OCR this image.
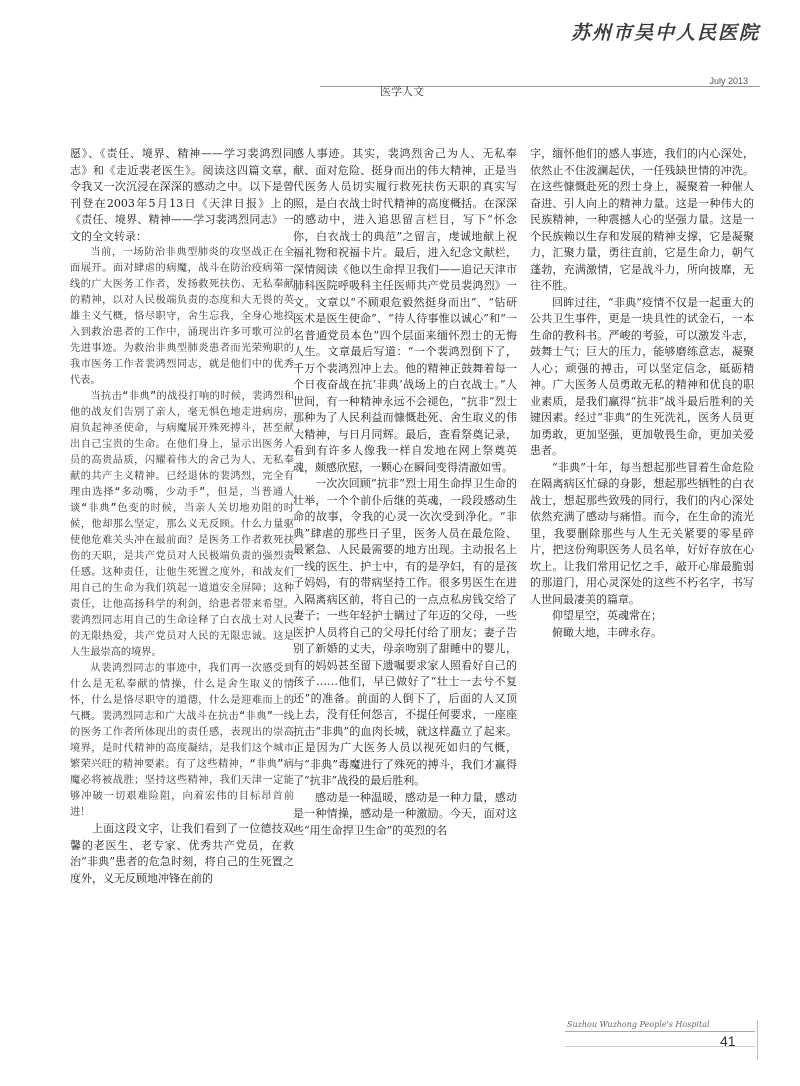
苏州市吴中人民医院
July 2013
医学人文

愿》、《责任、境界、精神——学习裴鸿烈同志》和《走近裴老医生》。阅读这四篇文章，令我又一次沉浸在深深的感动之中。以下是曾刊登在2003年5月13日《天津日报》上的《责任、境界、精神——学习裴鸿烈同志》一文的全文转录：

当前，一场防治非典型肺炎的攻坚战正在全面展开。面对肆虐的病魔，战斗在防治疫病第一线的广大医务工作者，发扬救死扶伤、无私奉献的精神，以对人民极端负责的态度和大无畏的英雄主义气概，恪尽职守，舍生忘我，全身心地投入到救治患者的工作中，涌现出许多可歌可泣的先进事迹。为救治非典型肺炎患者而光荣殉职的我市医务工作者裴鸿烈同志，就是他们中的优秀代表。

当抗击“非典”的战役打响的时候，裴鸿烈和他的战友们告别了亲人，毫无惧色地走进病房，肩负起神圣使命，与病魔展开殊死搏斗，甚至献出自己宝贵的生命。在他们身上，显示出医务人员的高贵品质，闪耀着伟大的舍己为人、无私奉献的共产主义精神。已经退休的裴鸿烈，完全有理由选择“多动嘴，少动手”，但是，当普通人谈“非典”色变的时候，当亲人关切地劝阻的时候，他却那么坚定，那么义无反顾。什么力量驱使他危难关头冲在最前面？是医务工作者救死扶伤的天职，是共产党员对人民极端负责的强烈责任感。这种责任，让他生死置之度外，和战友们用自己的生命为我们筑起一道道安全屏障；这种责任，让他高扬科学的利剑，给患者带来希望。裴鸿烈同志用自己的生命诠释了白衣战士对人民的无限热爱，共产党员对人民的无限忠诚。这是人生最崇高的境界。

从裴鸿烈同志的事迹中，我们再一次感受到什么是无私奉献的情操，什么是舍生取义的情怀，什么是恪尽职守的道德，什么是迎难而上的气概。裴鸿烈同志和广大战斗在抗击“非典”一线的医务工作者所体现出的责任感，表现出的崇高境界，是时代精神的高度凝结，是我们这个城市繁荣兴旺的精神要素。有了这些精神，“非典”病魔必将被战胜；坚持这些精神，我们天津一定能够冲破一切艰难险阻，向着宏伟的目标昂首前进！

上面这段文字，让我们看到了一位德技双馨的老医生、老专家、优秀共产党员，在救治“非典”患者的危急时刻，将自己的生死置之度外，义无反顾地冲锋在前的

感人事迹。其实，裴鸿烈舍己为人、无私奉献、面对危险、挺身而出的伟大精神，正是当代医务人员切实履行救死扶伤天职的真实写照，是白衣战士时代精神的高度概括。在深深的感动中，进入追思留言栏目，写下“怀念你，白衣战士的典范”之留言，虔诚地献上祝福礼物和祝福卡片。最后，进入纪念文献栏，深情阅读《他以生命捍卫我们——追记天津市肺科医院呼吸科主任医师共产党员裴鸿烈》一文。文章以“不顾艰危毅然挺身而出”、“钻研医术是医生使命”、“待人待事惟以诚心”和“一名普通党员本色”四个层面来缅怀烈士的无悔人生。文章最后写道：“一个裴鸿烈倒下了，千万个裴鸿烈冲上去。他的精神正鼓舞着每一个日夜奋战在抗‘非典’战场上的白衣战士。”人世间，有一种精神永远不会褪色，“抗非”烈士那种为了人民利益而慷慨赴死、舍生取义的伟大精神，与日月同辉。最后，查看祭奠记录，看到有许多人像我一样自发地在网上祭奠英魂，颇感欣慰，一颗心在瞬间变得清澈如雪。

一次次回顾“抗非”烈士用生命捍卫生命的壮举，一个个前仆后继的英魂，一段段感动生命的故事，令我的心灵一次次受到净化。“非典”肆虐的那些日子里，医务人员在最危险、最紧急、人民最需要的地方出现。主动报名上一线的医生、护士中，有的是孕妇，有的是孩子妈妈，有的带病坚持工作。很多男医生在进入隔离病区前，将自己的一点点私房钱交给了妻子；一些年轻护士瞒过了年迈的父母，一些医护人员将自己的父母托付给了朋友；妻子告别了新婚的丈夫，母亲吻别了甜睡中的婴儿，有的妈妈甚至留下遗嘱要求家人照看好自己的孩子……他们，早已做好了“壮士一去兮不复还”的准备。前面的人倒下了，后面的人又顶上去，没有任何怨言，不提任何要求，一座座抗击“非典”的血肉长城，就这样矗立了起来。正是因为广大医务人员以视死如归的气概，与“非典”毒魔进行了殊死的搏斗，我们才赢得了“抗非”战役的最后胜利。

感动是一种温暖，感动是一种力量，感动是一种情操，感动是一种激励。今天，面对这些“用生命捍卫生命”的英烈的名

字，缅怀他们的感人事迹，我们的内心深处，依然止不住波澜起伏，一任残缺世情的冲洗。在这些慷慨赴死的烈士身上，凝聚着一种催人奋进、引人向上的精神力量。这是一种伟大的民族精神，一种震撼人心的坚强力量。这是一个民族赖以生存和发展的精神支撑，它是凝聚力，汇聚力量，勇往直前，它是生命力，朝气蓬勃，充满激情，它是战斗力，所向披靡，无往不胜。

回眸过往，“非典”疫情不仅是一起重大的公共卫生事件，更是一块具性的试金石，一本生命的教科书。严峻的考验，可以激发斗志，鼓舞士气；巨大的压力，能够磨练意志，凝聚人心；顽强的搏击，可以坚定信念，砥砺精神。广大医务人员勇敢无私的精神和优良的职业素质，是我们赢得“抗非”战斗最后胜利的关键因素。经过“非典”的生死洗礼，医务人员更加勇敢，更加坚强，更加敬畏生命，更加关爱患者。

“非典”十年，每当想起那些冒着生命危险在隔离病区忙碌的身影，想起那些牺牲的白衣战士，想起那些致残的同行，我们的内心深处依然充满了感动与痛惜。而今，在生命的流光里，我要删除那些与人生无关紧要的零星碎片，把这份殉职医务人员名单，好好存放在心坎上。让我们常用记忆之手，敲开心扉最脆弱的那道门，用心灵深处的这些不朽名字，书写人世间最凄美的篇章。

仰望星空，英魂常在；

俯瞰大地，丰碑永存。

Suzhou Wuzhong People's Hospital
41
